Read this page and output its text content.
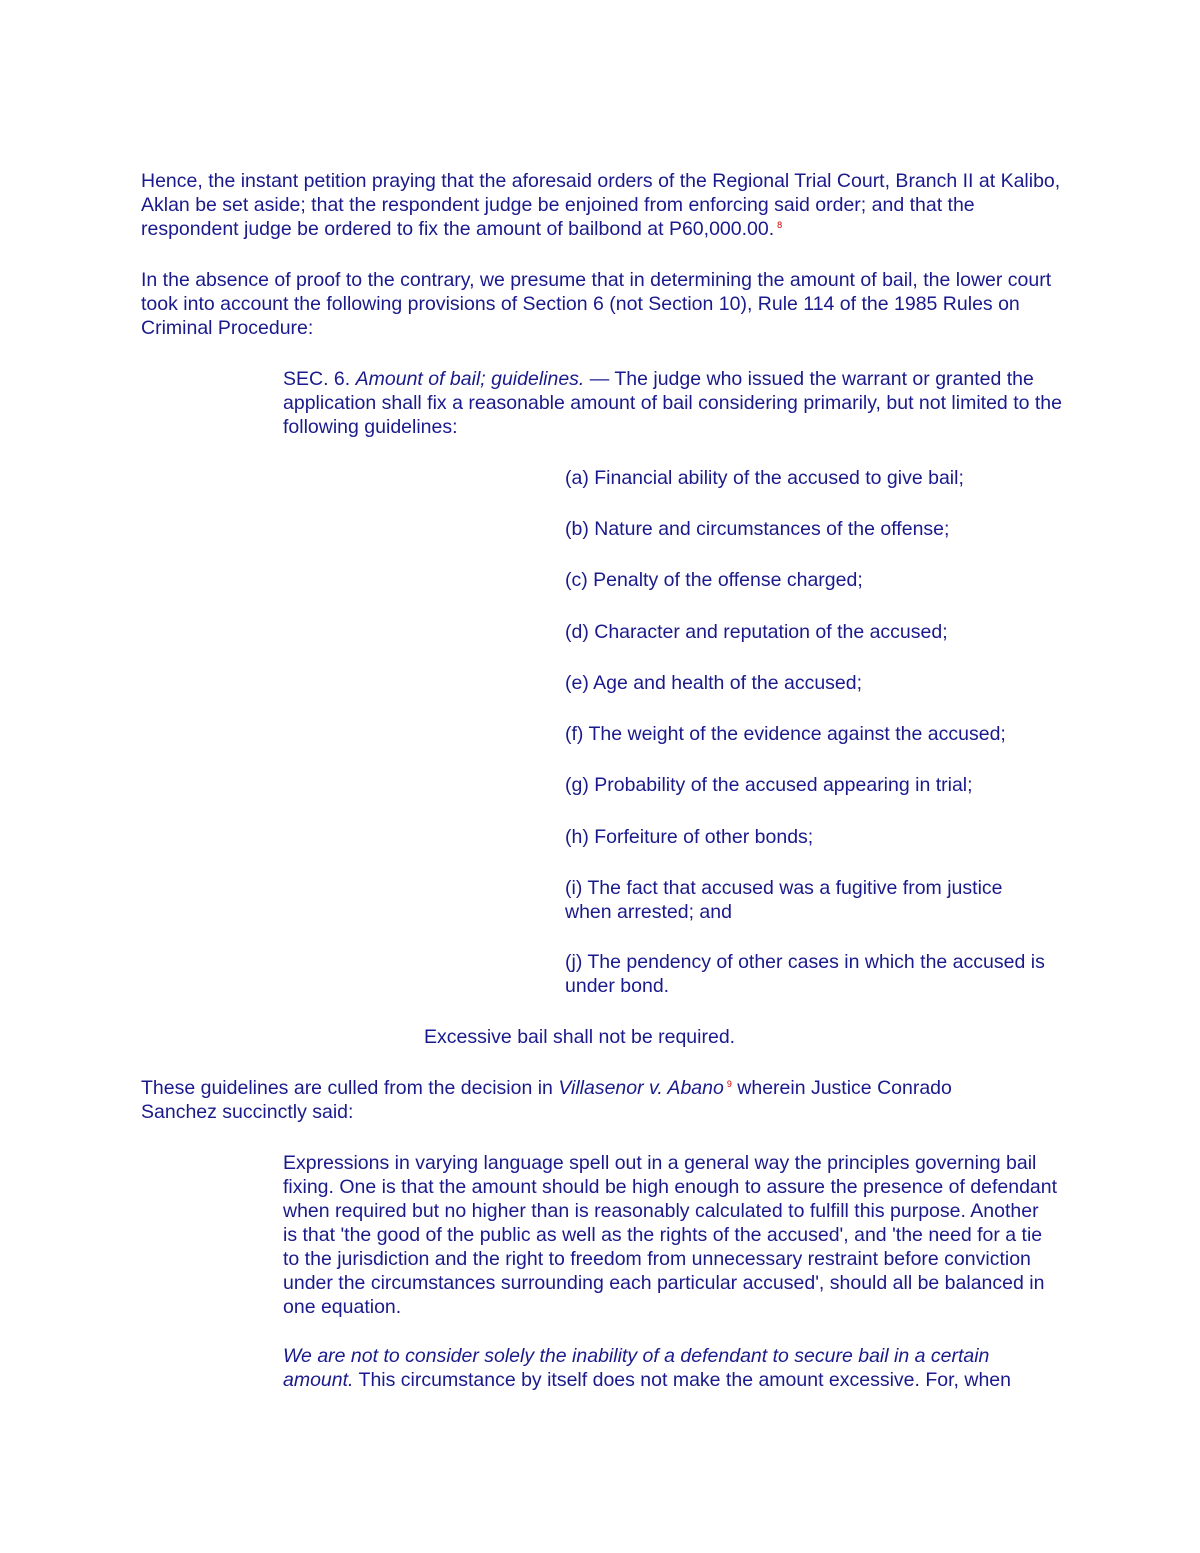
Hence, the instant petition praying that the aforesaid orders of the Regional Trial Court, Branch II at Kalibo, Aklan be set aside; that the respondent judge be enjoined from enforcing said order; and that the respondent judge be ordered to fix the amount of bailbond at P60,000.00. $^8$

In the absence of proof to the contrary, we presume that in determining the amount of bail, the lower court took into account the following provisions of Section 6 (not Section 10), Rule 114 of the 1985 Rules on Criminal Procedure:

SEC. 6. Amount of bail; guidelines. — The judge who issued the warrant or granted the application shall fix a reasonable amount of bail considering primarily, but not limited to the following guidelines:

(a) Financial ability of the accused to give bail;

(b) Nature and circumstances of the offense;

(c) Penalty of the offense charged;

(d) Character and reputation of the accused;

(e) Age and health of the accused;

(f) The weight of the evidence against the accused;

(g) Probability of the accused appearing in trial;

(h) Forfeiture of other bonds;

(i) The fact that accused was a fugitive from justice when arrested; and

(j) The pendency of other cases in which the accused is under bond.

Excessive bail shall not be required.

These guidelines are culled from the decision in Villasenor v. Abano $^9$ wherein Justice Conrado Sanchez succinctly said:

Expressions in varying language spell out in a general way the principles governing bail fixing. One is that the amount should be high enough to assure the presence of defendant when required but no higher than is reasonably calculated to fulfill this purpose. Another is that 'the good of the public as well as the rights of the accused', and 'the need for a tie to the jurisdiction and the right to freedom from unnecessary restraint before conviction under the circumstances surrounding each particular accused', should all be balanced in one equation.

We are not to consider solely the inability of a defendant to secure bail in a certain amount. This circumstance by itself does not make the amount excessive. For, when
